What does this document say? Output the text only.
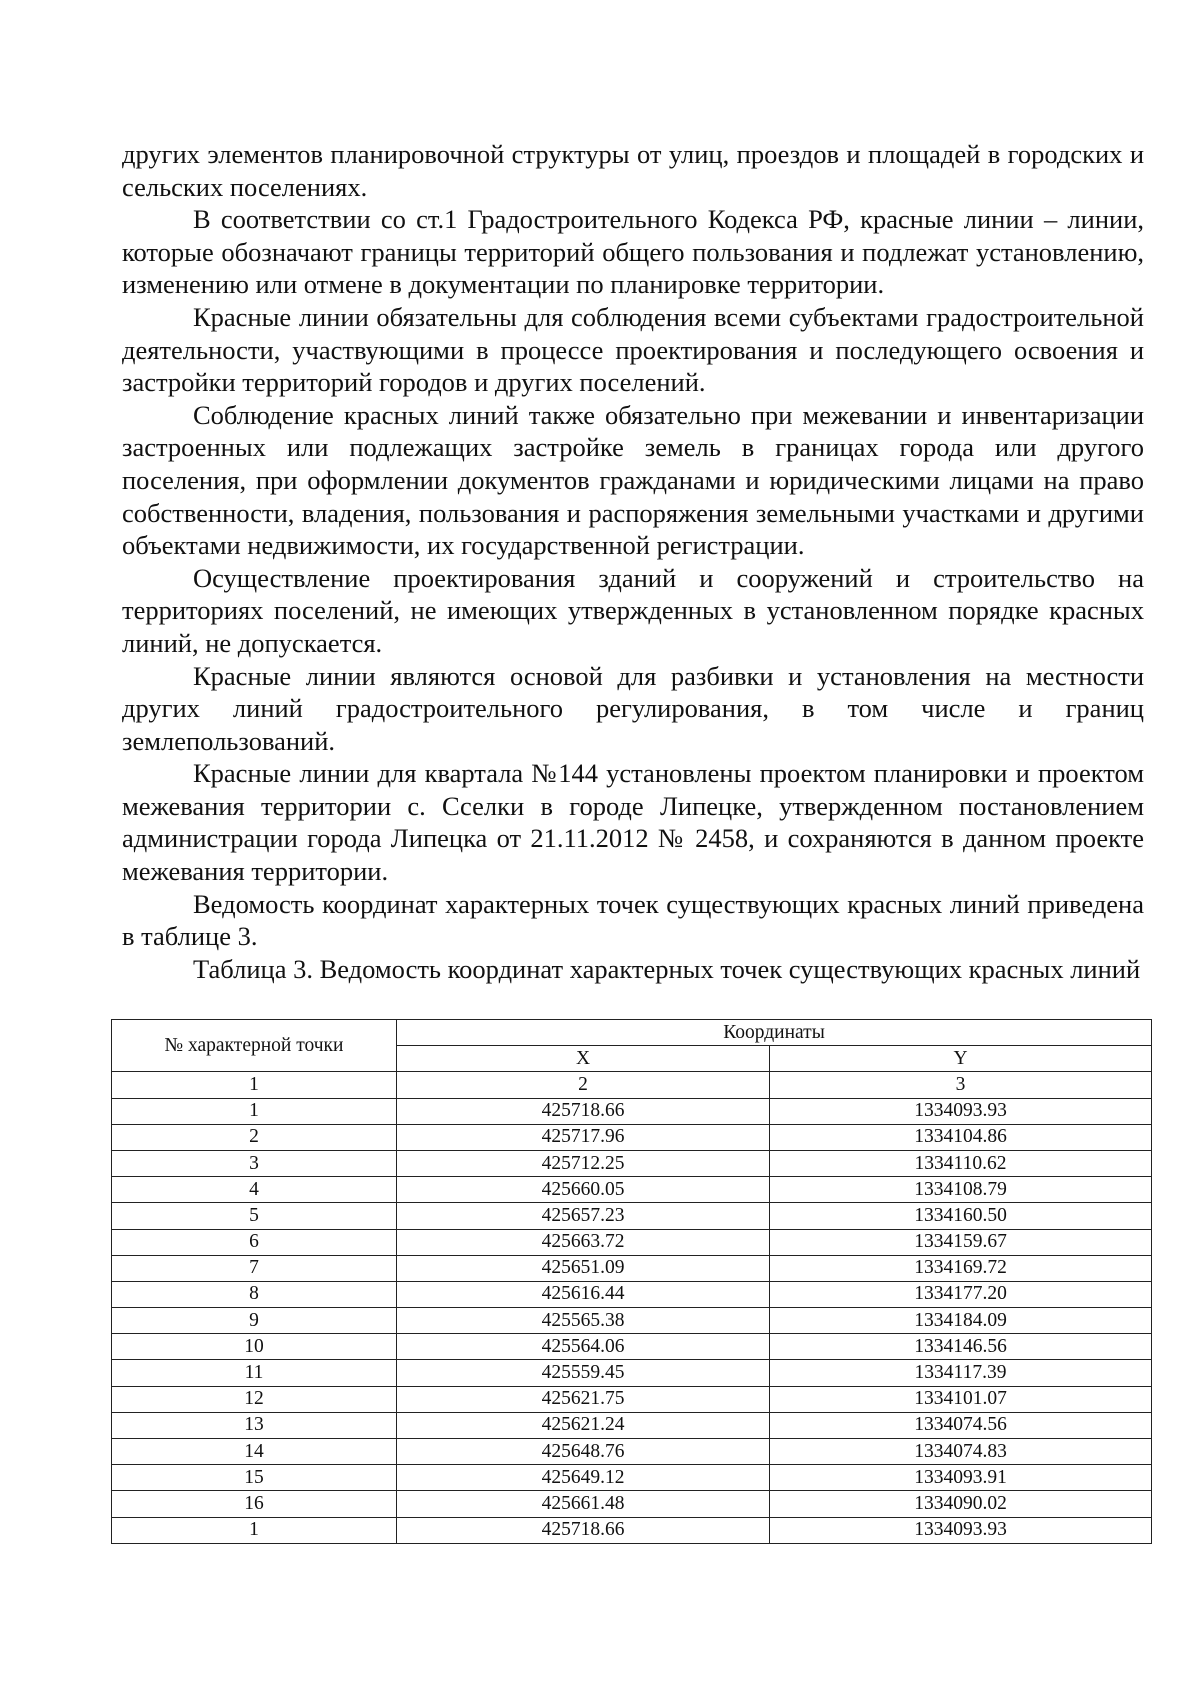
других элементов планировочной структуры от улиц, проездов и площадей в городских и сельских поселениях.

В соответствии со ст.1 Градостроительного Кодекса РФ, красные линии – линии, которые обозначают границы территорий общего пользования и подлежат установлению, изменению или отмене в документации по планировке территории.

Красные линии обязательны для соблюдения всеми субъектами градостроительной деятельности, участвующими в процессе проектирования и последующего освоения и застройки территорий городов и других поселений.

Соблюдение красных линий также обязательно при межевании и инвентаризации застроенных или подлежащих застройке земель в границах города или другого поселения, при оформлении документов гражданами и юридическими лицами на право собственности, владения, пользования и распоряжения земельными участками и другими объектами недвижимости, их государственной регистрации.

Осуществление проектирования зданий и сооружений и строительство на территориях поселений, не имеющих утвержденных в установленном порядке красных линий, не допускается.

Красные линии являются основой для разбивки и установления на местности других линий градостроительного регулирования, в том числе и границ землепользований.

Красные линии для квартала №144 установлены проектом планировки и проектом межевания территории с. Сселки в городе Липецке, утвержденном постановлением администрации города Липецка от 21.11.2012 № 2458, и сохраняются в данном проекте межевания территории.

Ведомость координат характерных точек существующих красных линий приведена в таблице 3.

Таблица 3. Ведомость координат характерных точек существующих красных линий

№ характерной точки	Координаты	
	X	Y
1	2	3
1	425718.66	1334093.93
2	425717.96	1334104.86
3	425712.25	1334110.62
4	425660.05	1334108.79
5	425657.23	1334160.50
6	425663.72	1334159.67
7	425651.09	1334169.72
8	425616.44	1334177.20
9	425565.38	1334184.09
10	425564.06	1334146.56
11	425559.45	1334117.39
12	425621.75	1334101.07
13	425621.24	1334074.56
14	425648.76	1334074.83
15	425649.12	1334093.91
16	425661.48	1334090.02
1	425718.66	1334093.93
